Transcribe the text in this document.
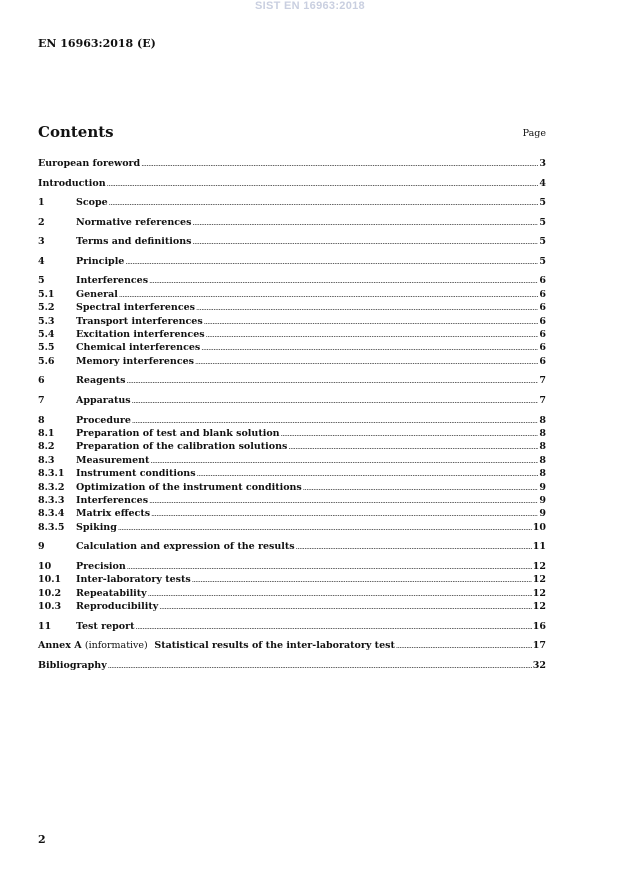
SIST EN 16963:2018
EN 16963:2018 (E)
Contents	Page
European foreword .....	3
Introduction .....	4
1	Scope .....	5
2	Normative references .....	5
3	Terms and definitions .....	5
4	Principle .....	5
5	Interferences .....	6
5.1	General .....	6
5.2	Spectral interferences .....	6
5.3	Transport interferences .....	6
5.4	Excitation interferences .....	6
5.5	Chemical interferences .....	6
5.6	Memory interferences .....	6
6	Reagents .....	7
7	Apparatus .....	7
8	Procedure .....	8
8.1	Preparation of test and blank solution .....	8
8.2	Preparation of the calibration solutions .....	8
8.3	Measurement .....	8
8.3.1	Instrument conditions .....	8
8.3.2	Optimization of the instrument conditions .....	9
8.3.3	Interferences .....	9
8.3.4	Matrix effects .....	9
8.3.5	Spiking .....	10
9	Calculation and expression of the results .....	11
10	Precision .....	12
10.1	Inter-laboratory tests .....	12
10.2	Repeatability .....	12
10.3	Reproducibility .....	12
11	Test report .....	16
Annex A (informative) Statistical results of the inter-laboratory test .....	17
Bibliography .....	32
2
